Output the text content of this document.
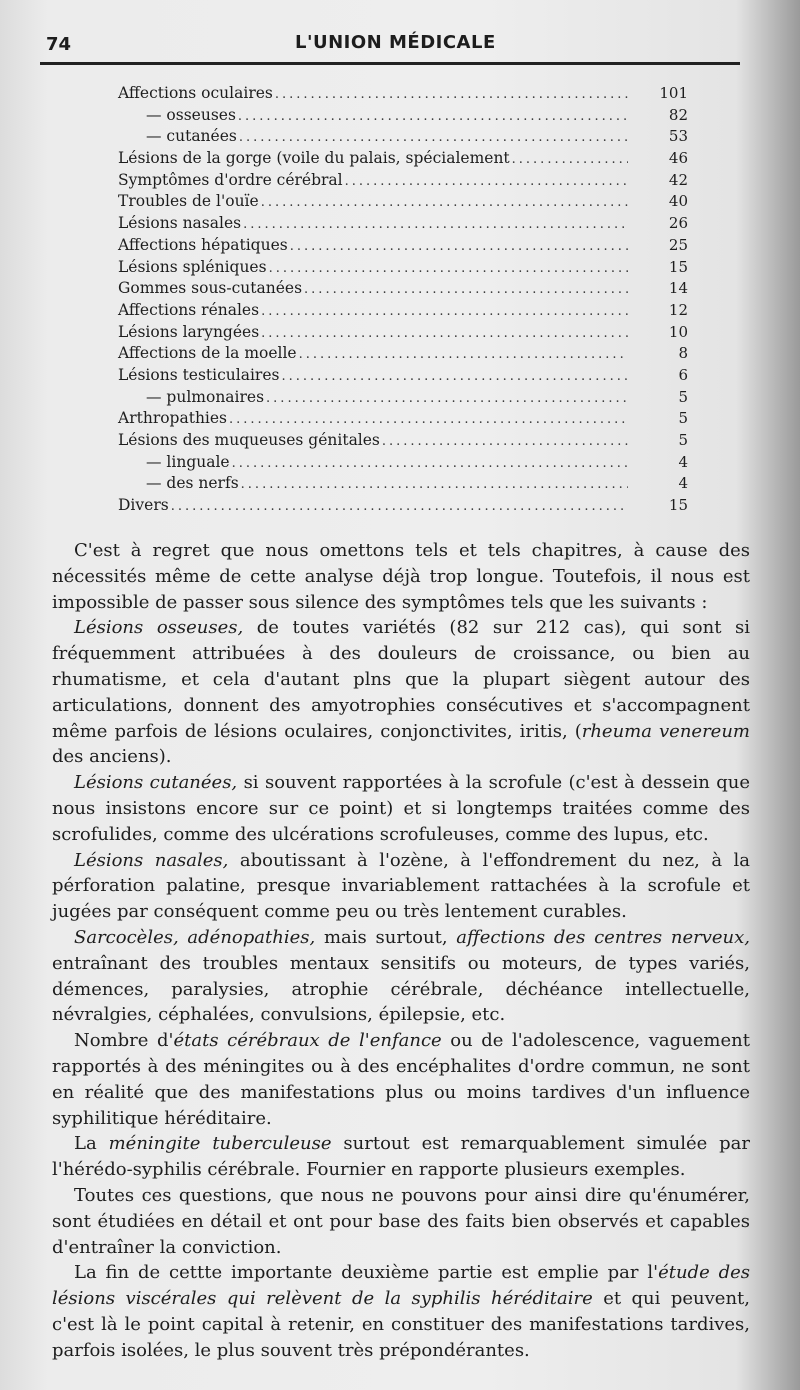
74	L'UNION MÉDICALE
Affections oculaires .....	101
— osseuses .....	82
— cutanées .....	53
Lésions de la gorge (voile du palais, spécialement .....	46
Symptômes d'ordre cérébral .....	42
Troubles de l'ouïe .....	40
Lésions nasales .....	26
Affections hépatiques .....	25
Lésions spléniques .....	15
Gommes sous-cutanées .....	14
Affections rénales .....	12
Lésions laryngées .....	10
Affections de la moelle .....	8
Lésions testiculaires .....	6
— pulmonaires .....	5
Arthropathies .....	5
Lésions des muqueuses génitales .....	5
— linguale .....	4
— des nerfs .....	4
Divers .....	15

C'est à regret que nous omettons tels et tels chapitres, à cause des nécessités même de cette analyse déjà trop longue. Toutefois, il nous est impossible de passer sous silence des symptômes tels que les suivants :

Lésions osseuses, de toutes variétés (82 sur 212 cas), qui sont si fréquemment attribuées à des douleurs de croissance, ou bien au rhumatisme, et cela d'autant plns que la plupart siègent autour des articulations, donnent des amyotrophies consécutives et s'accompagnent même parfois de lésions oculaires, conjonctivites, iritis, (rheuma venereum des anciens).

Lésions cutanées, si souvent rapportées à la scrofule (c'est à dessein que nous insistons encore sur ce point) et si longtemps traitées comme des scrofulides, comme des ulcérations scrofuleuses, comme des lupus, etc.

Lésions nasales, aboutissant à l'ozène, à l'effondrement du nez, à la pérforation palatine, presque invariablement rattachées à la scrofule et jugées par conséquent comme peu ou très lentement curables.

Sarcocèles, adénopathies, mais surtout, affections des centres nerveux, entraînant des troubles mentaux sensitifs ou moteurs, de types variés, démences, paralysies, atrophie cérébrale, déchéance intellectuelle, névralgies, céphalées, convulsions, épilepsie, etc.

Nombre d'états cérébraux de l'enfance ou de l'adolescence, vaguement rapportés à des méningites ou à des encéphalites d'ordre commun, ne sont en réalité que des manifestations plus ou moins tardives d'un influence syphilitique héréditaire.

La méningite tuberculeuse surtout est remarquablement simulée par l'hérédo-syphilis cérébrale. Fournier en rapporte plusieurs exemples.

Toutes ces questions, que nous ne pouvons pour ainsi dire qu'énumérer, sont étudiées en détail et ont pour base des faits bien observés et capables d'entraîner la conviction.

La fin de cettte importante deuxième partie est emplie par l'étude des lésions viscérales qui relèvent de la syphilis héréditaire et qui peuvent, c'est là le point capital à retenir, en constituer des manifestations tardives, parfois isolées, le plus souvent très prépondérantes.
